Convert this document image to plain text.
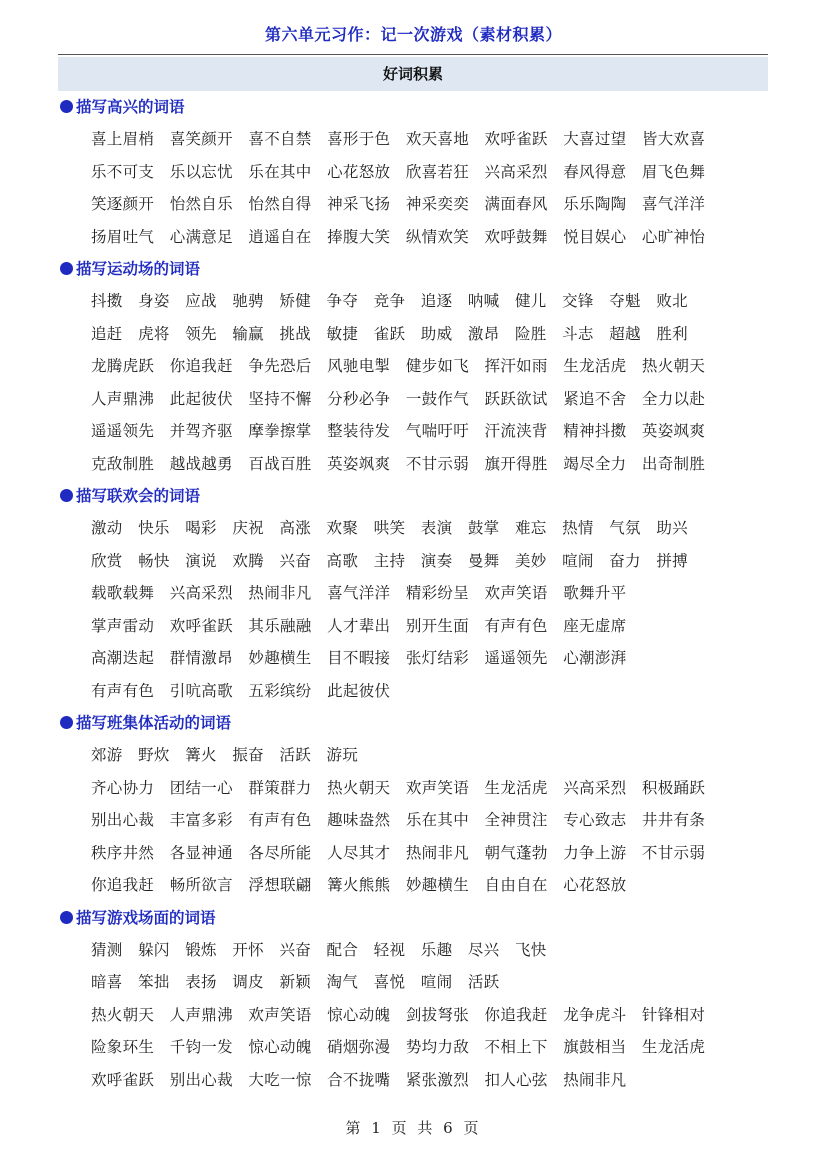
第六单元习作：记一次游戏（素材积累）
好词积累
描写高兴的词语
喜上眉梢 喜笑颜开 喜不自禁 喜形于色 欢天喜地 欢呼雀跃 大喜过望 皆大欢喜
乐不可支 乐以忘忧 乐在其中 心花怒放 欣喜若狂 兴高采烈 春风得意 眉飞色舞
笑逐颜开 怡然自乐 怡然自得 神采飞扬 神采奕奕 满面春风 乐乐陶陶 喜气洋洋
扬眉吐气 心满意足 逍遥自在 捧腹大笑 纵情欢笑 欢呼鼓舞 悦目娱心 心旷神怡
描写运动场的词语
抖擞 身姿 应战 驰骋 矫健 争夺 竞争 追逐 呐喊 健儿 交锋 夺魁 败北
追赶 虎将 领先 输赢 挑战 敏捷 雀跃 助威 激昂 险胜 斗志 超越 胜利
龙腾虎跃 你追我赶 争先恐后 风驰电掣 健步如飞 挥汗如雨 生龙活虎 热火朝天
人声鼎沸 此起彼伏 坚持不懈 分秒必争 一鼓作气 跃跃欲试 紧追不舍 全力以赴
遥遥领先 并驾齐驱 摩拳擦掌 整装待发 气喘吁吁 汗流浃背 精神抖擞 英姿飒爽
克敌制胜 越战越勇 百战百胜 英姿飒爽 不甘示弱 旗开得胜 竭尽全力 出奇制胜
描写联欢会的词语
激动 快乐 喝彩 庆祝 高涨 欢聚 哄笑 表演 鼓掌 难忘 热情 气氛 助兴
欣赏 畅快 演说 欢腾 兴奋 高歌 主持 演奏 曼舞 美妙 喧闹 奋力 拼搏
载歌载舞 兴高采烈 热闹非凡 喜气洋洋 精彩纷呈 欢声笑语 歌舞升平
掌声雷动 欢呼雀跃 其乐融融 人才辈出 别开生面 有声有色 座无虚席
高潮迭起 群情激昂 妙趣横生 目不暇接 张灯结彩 遥遥领先 心潮澎湃
有声有色 引吭高歌 五彩缤纷 此起彼伏
描写班集体活动的词语
郊游 野炊 篝火 振奋 活跃 游玩
齐心协力 团结一心 群策群力 热火朝天 欢声笑语 生龙活虎 兴高采烈 积极踊跃
别出心裁 丰富多彩 有声有色 趣味盎然 乐在其中 全神贯注 专心致志 井井有条
秩序井然 各显神通 各尽所能 人尽其才 热闹非凡 朝气蓬勃 力争上游 不甘示弱
你追我赶 畅所欲言 浮想联翩 篝火熊熊 妙趣横生 自由自在 心花怒放
描写游戏场面的词语
猜测 躲闪 锻炼 开怀 兴奋 配合 轻视 乐趣 尽兴 飞快
暗喜 笨拙 表扬 调皮 新颖 淘气 喜悦 喧闹 活跃
热火朝天 人声鼎沸 欢声笑语 惊心动魄 剑拔弩张 你追我赶 龙争虎斗 针锋相对
险象环生 千钧一发 惊心动魄 硝烟弥漫 势均力敌 不相上下 旗鼓相当 生龙活虎
欢呼雀跃 别出心裁 大吃一惊 合不拢嘴 紧张激烈 扣人心弦 热闹非凡
第 1 页 共 6 页
